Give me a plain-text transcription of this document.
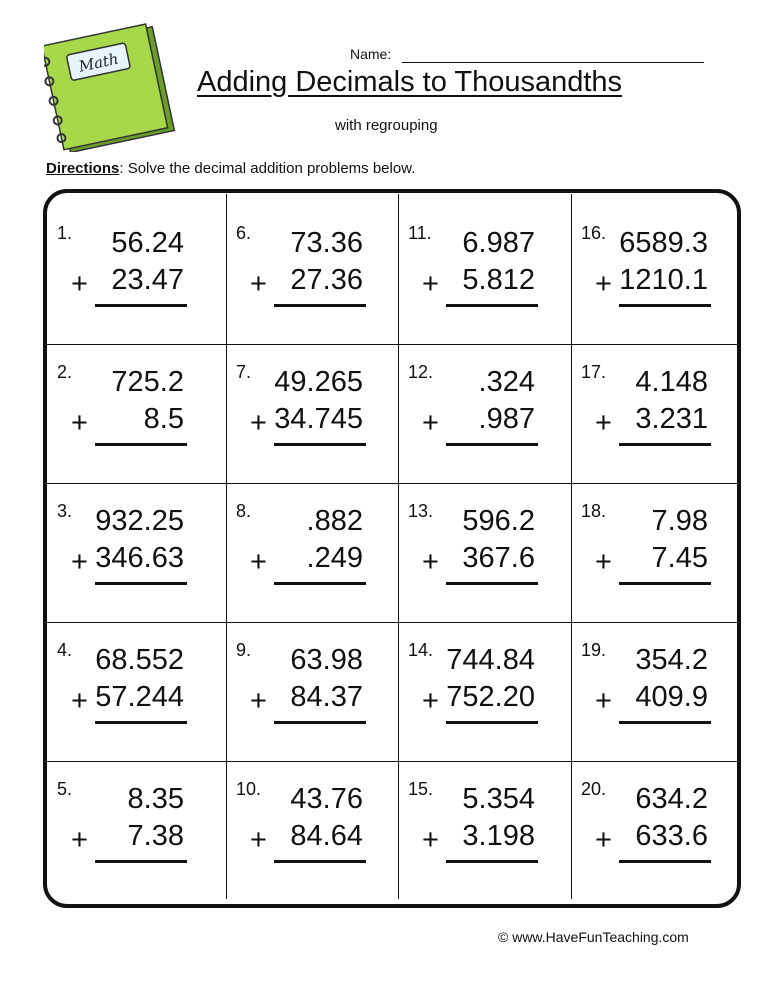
Math	Name:
Adding Decimals to Thousandths
with regrouping
Directions: Solve the decimal addition problems below.
1. 56.24
+ 23.47
2. 725.2
+ 8.5
3. 932.25
+ 346.63
4. 68.552
+ 57.244
5. 8.35
+ 7.38
6. 73.36
+ 27.36
7. 49.265
+ 34.745
8. .882
+ .249
9. 63.98
+ 84.37
10. 43.76
+ 84.64
11. 6.987
+ 5.812
12. .324
+ .987
13. 596.2
+ 367.6
14. 744.84
+ 752.20
15. 5.354
+ 3.198
16. 6589.3
+ 1210.1
17. 4.148
+ 3.231
18. 7.98
+ 7.45
19. 354.2
+ 409.9
20. 634.2
+ 633.6
© www.HaveFunTeaching.com
